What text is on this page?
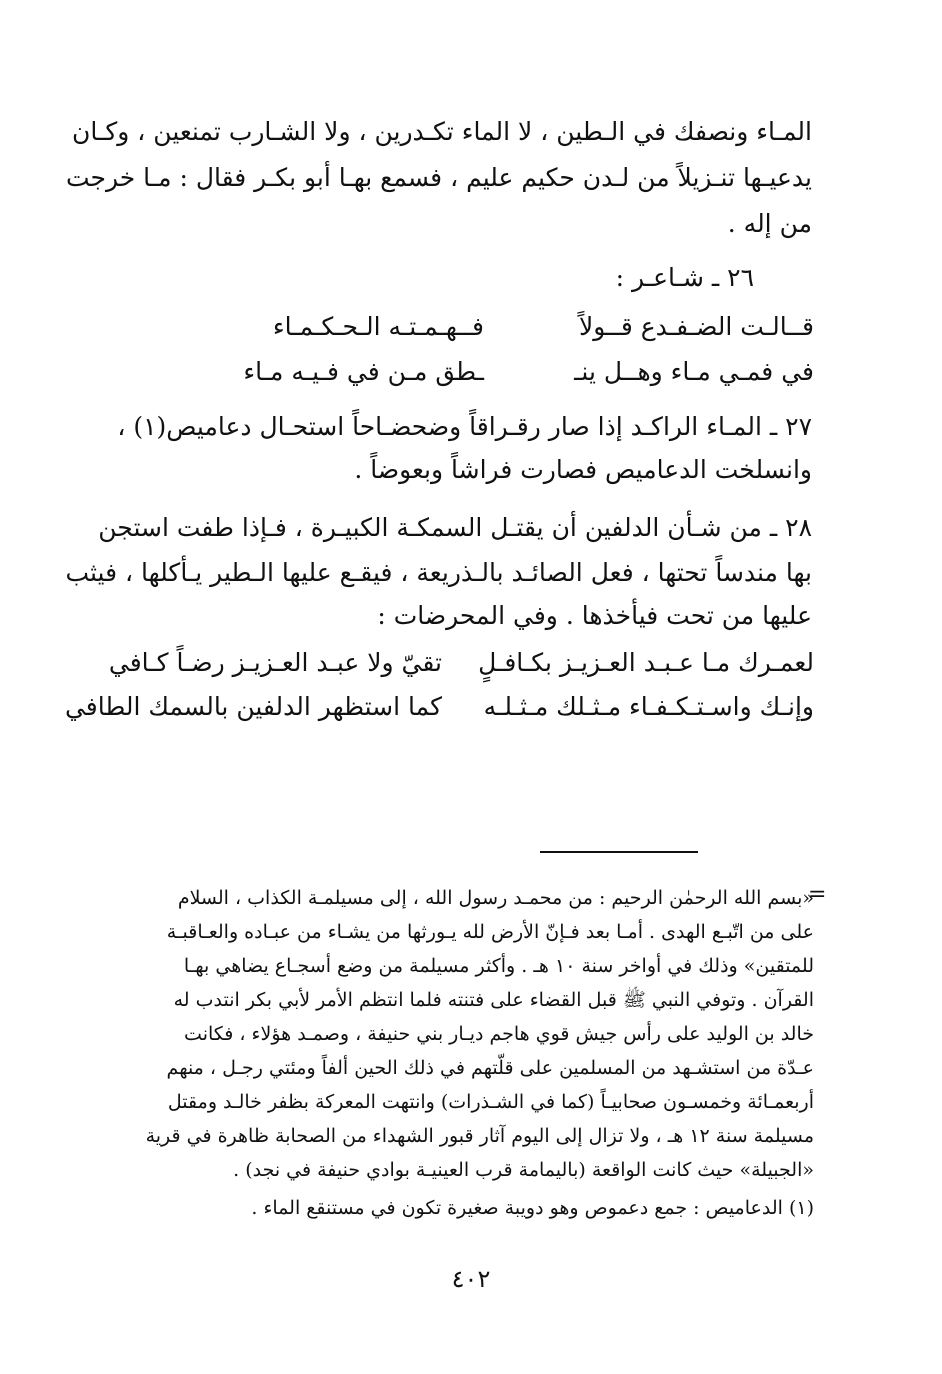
المـاء ونصفك في الـطين ، لا الماء تكـدرين ، ولا الشـارب تمنعين ، وكـان
يدعيـها تنـزيلاً من لـدن حكيم عليم ، فسمع بهـا أبو بكـر فقال : مـا خرجت
من إله .
٢٦ ـ شـاعـر :
قــالـت الضـفـدع قــولاً
فــهـمـتـه الـحـكـمـاء
في فمـي مـاء وهــل ينـ
ـطق مـن في فـيـه مـاء
٢٧ ـ المـاء الراكـد إذا صار رقـراقاً وضحضـاحاً استحـال دعاميص(١) ،
وانسلخت الدعاميص فصارت فراشاً وبعوضاً .
٢٨ ـ من شـأن الدلفين أن يقتـل السمكـة الكبيـرة ، فـإذا طفت استجن
بها مندساً تحتها ، فعل الصائـد بالـذريعة ، فيقـع عليها الـطير يـأكلها ، فيثب
عليها من تحت فيأخذها . وفي المحرضات :
لعمـرك مـا عـبـد العـزيـز بكـافـلٍ
تقيّ ولا عبـد العـزيـز رضـاً كـافي
وإنـك واسـتـكـفـاء مـثـلك مـثـلـه
كما استظهر الدلفين بالسمك الطافي
=
«بسم الله الرحمٰن الرحيم : من محمـد رسول الله ، إلى مسيلمـة الكذاب ، السلام
على من اتّبـع الهدى . أمـا بعد فـإنّ الأرض لله يـورثها من يشـاء من عبـاده والعـاقبـة
للمتقين» وذلك في أواخر سنة ١٠ هـ . وأكثر مسيلمة من وضع أسجـاع يضاهي بهـا
القرآن . وتوفي النبي ﷺ قبل القضاء على فتنته فلما انتظم الأمر لأبي بكر انتدب له
خالد بن الوليد على رأس جيش قوي هاجم ديـار بني حنيفة ، وصمـد هؤلاء ، فكانت
عـدّة من استشـهد من المسلمين على قلّتهم في ذلك الحين ألفاً ومئتي رجـل ، منهم
أربعمـائة وخمسـون صحابيـاً (كما في الشـذرات) وانتهت المعركة بظفر خالـد ومقتل
مسيلمة سنة ١٢ هـ ، ولا تزال إلى اليوم آثار قبور الشهداء من الصحابة ظاهرة في قرية
«الجبيلة» حيث كانت الواقعة (باليمامة قرب العينيـة بوادي حنيفة في نجد) .
(١) الدعاميص : جمع دعموص وهو دويبة صغيرة تكون في مستنقع الماء .
٤٠٢
